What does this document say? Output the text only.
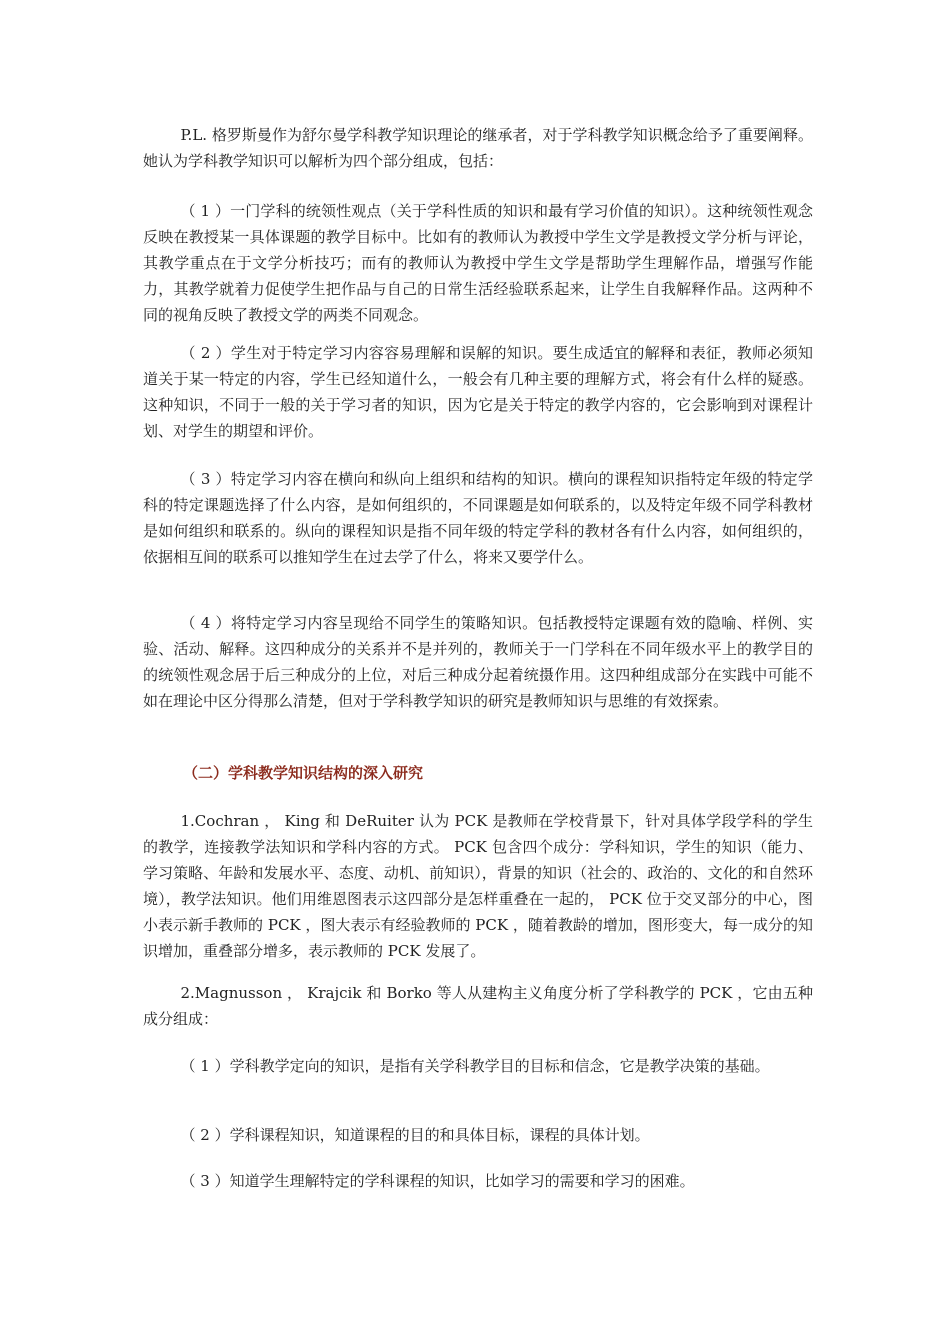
P.L. 格罗斯曼作为舒尔曼学科教学知识理论的继承者，对于学科教学知识概念给予了重要阐释。她认为学科教学知识可以解析为四个部分组成，包括：

（ 1 ）一门学科的统领性观点（关于学科性质的知识和最有学习价值的知识）。这种统领性观念反映在教授某一具体课题的教学目标中。比如有的教师认为教授中学生文学是教授文学分析与评论，其教学重点在于文学分析技巧；而有的教师认为教授中学生文学是帮助学生理解作品，增强写作能力，其教学就着力促使学生把作品与自己的日常生活经验联系起来，让学生自我解释作品。这两种不同的视角反映了教授文学的两类不同观念。

（ 2 ）学生对于特定学习内容容易理解和误解的知识。要生成适宜的解释和表征，教师必须知道关于某一特定的内容，学生已经知道什么，一般会有几种主要的理解方式，将会有什么样的疑惑。这种知识，不同于一般的关于学习者的知识，因为它是关于特定的教学内容的，它会影响到对课程计划、对学生的期望和评价。

（ 3 ）特定学习内容在横向和纵向上组织和结构的知识。横向的课程知识指特定年级的特定学科的特定课题选择了什么内容，是如何组织的，不同课题是如何联系的，以及特定年级不同学科教材是如何组织和联系的。纵向的课程知识是指不同年级的特定学科的教材各有什么内容，如何组织的，依据相互间的联系可以推知学生在过去学了什么，将来又要学什么。

（ 4 ）将特定学习内容呈现给不同学生的策略知识。包括教授特定课题有效的隐喻、样例、实验、活动、解释。这四种成分的关系并不是并列的，教师关于一门学科在不同年级水平上的教学目的的统领性观念居于后三种成分的上位，对后三种成分起着统摄作用。这四种组成部分在实践中可能不如在理论中区分得那么清楚，但对于学科教学知识的研究是教师知识与思维的有效探索。

（二）学科教学知识结构的深入研究

1.Cochran ， King 和 DeRuiter 认为 PCK 是教师在学校背景下，针对具体学段学科的学生的教学，连接教学法知识和学科内容的方式。 PCK 包含四个成分：学科知识，学生的知识（能力、学习策略、年龄和发展水平、态度、动机、前知识），背景的知识（社会的、政治的、文化的和自然环境），教学法知识。他们用维恩图表示这四部分是怎样重叠在一起的， PCK 位于交叉部分的中心，图小表示新手教师的 PCK ，图大表示有经验教师的 PCK ，随着教龄的增加，图形变大，每一成分的知识增加，重叠部分增多，表示教师的 PCK 发展了。

2.Magnusson ， Krajcik 和 Borko 等人从建构主义角度分析了学科教学的 PCK ，它由五种成分组成：

（ 1 ）学科教学定向的知识，是指有关学科教学目的目标和信念，它是教学决策的基础。

（ 2 ）学科课程知识，知道课程的目的和具体目标，课程的具体计划。

（ 3 ）知道学生理解特定的学科课程的知识，比如学习的需要和学习的困难。
